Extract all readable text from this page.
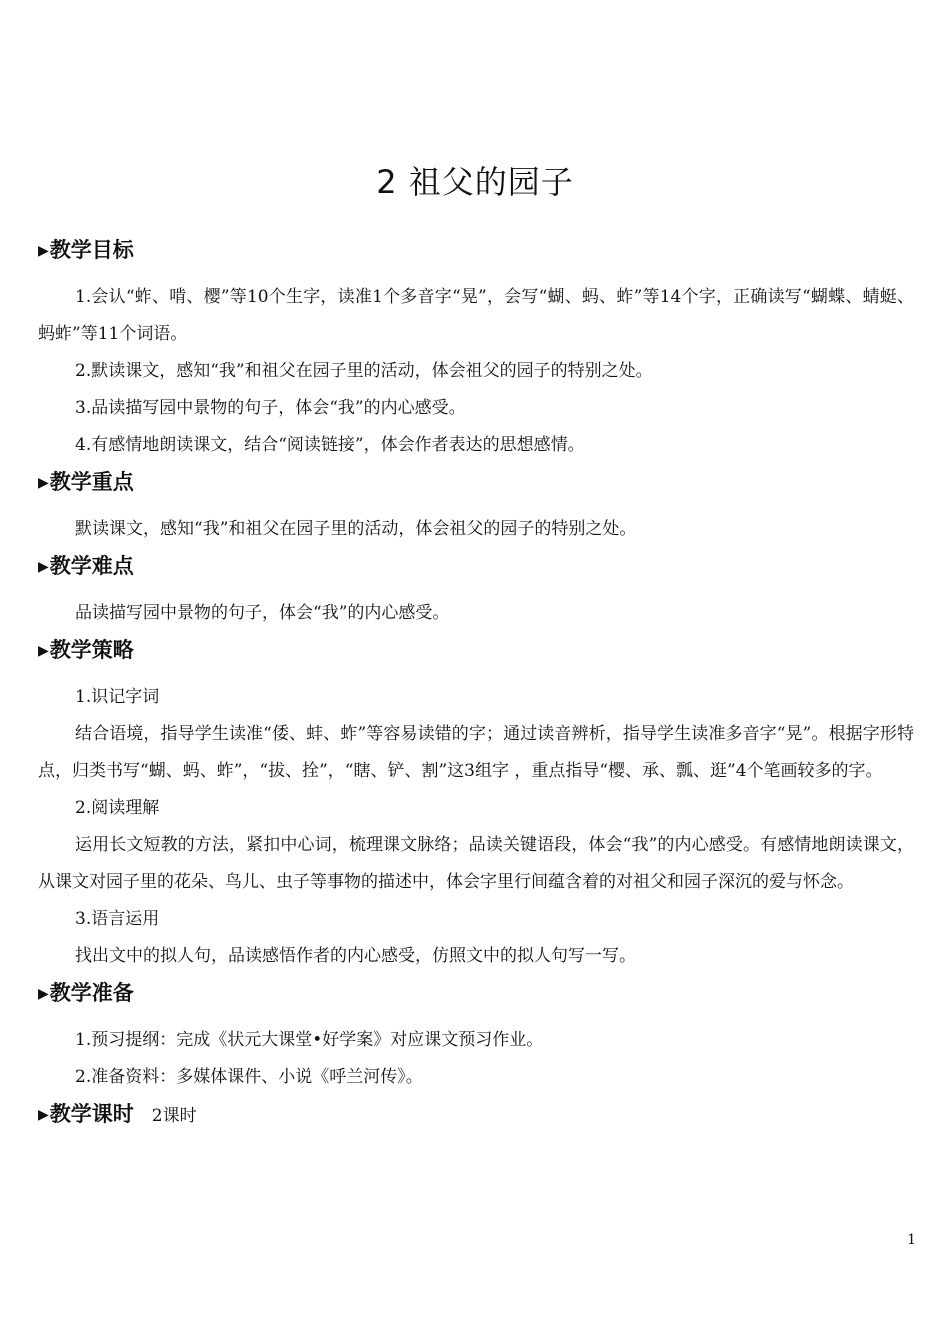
2 祖父的园子
▶教学目标

1.会认“蚱、啃、樱”等10个生字，读准1个多音字“晃”，会写“蝴、蚂、蚱”等14个字，正确读写“蝴蝶、蜻蜓、蚂蚱”等11个词语。

2.默读课文，感知“我”和祖父在园子里的活动，体会祖父的园子的特别之处。

3.品读描写园中景物的句子，体会“我”的内心感受。

4.有感情地朗读课文，结合“阅读链接”，体会作者表达的思想感情。

▶教学重点

默读课文，感知“我”和祖父在园子里的活动，体会祖父的园子的特别之处。

▶教学难点

品读描写园中景物的句子，体会“我”的内心感受。

▶教学策略

1.识记字词

结合语境，指导学生读准“倭、蚌、蚱”等容易读错的字；通过读音辨析，指导学生读准多音字“晃”。根据字形特点，归类书写“蝴、蚂、蚱”，“拔、拴”，“瞎、铲、割”这3组字 ，重点指导“樱、承、瓢、逛”4个笔画较多的字。

2.阅读理解

运用长文短教的方法，紧扣中心词，梳理课文脉络；品读关键语段，体会“我”的内心感受。有感情地朗读课文，从课文对园子里的花朵、鸟儿、虫子等事物的描述中，体会字里行间蕴含着的对祖父和园子深沉的爱与怀念。

3.语言运用

找出文中的拟人句，品读感悟作者的内心感受，仿照文中的拟人句写一写。

▶教学准备

1.预习提纲：完成《状元大课堂•好学案》对应课文预习作业。

2.准备资料：多媒体课件、小说《呼兰河传》。

▶教学课时 2课时
1
